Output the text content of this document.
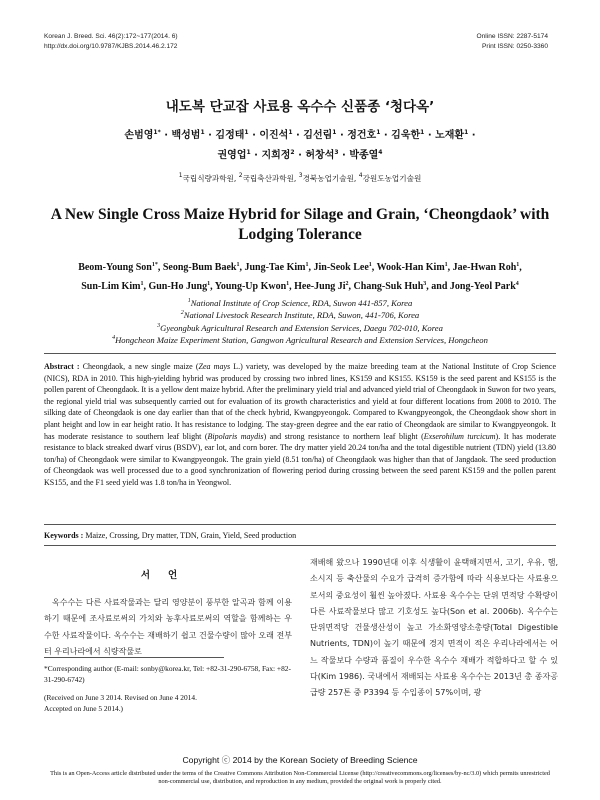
Korean J. Breed. Sci. 46(2):172~177(2014. 6)
http://dx.doi.org/10.9787/KJBS.2014.46.2.172
Online ISSN: 2287-5174
Print ISSN: 0250-3360
내도복 단교잡 사료용 옥수수 신품종 ‘청다옥’
손범영$^{1*}$ · 백성범$^1$ · 김정태$^1$ · 이진석$^1$ · 김선림$^1$ · 정건호$^1$ · 김욱한$^1$ · 노재환$^1$ ·
권영업$^1$ · 지희정$^2$ · 허창석$^3$ · 박종열$^4$
$^1$국립식량과학원, $^2$국립축산과학원, $^3$경북농업기술원, $^4$강원도농업기술원
A New Single Cross Maize Hybrid for Silage and Grain, ‘Cheongdaok’ with
Lodging Tolerance
Beom-Young Son$^{1*}$, Seong-Bum Baek$^1$, Jung-Tae Kim$^1$, Jin-Seok Lee$^1$, Wook-Han Kim$^1$, Jae-Hwan Roh$^1$,
Sun-Lim Kim$^1$, Gun-Ho Jung$^1$, Young-Up Kwon$^1$, Hee-Jung Ji$^2$, Chang-Suk Huh$^3$, and Jong-Yeol Park$^4$
$^1$National Institute of Crop Science, RDA, Suwon 441-857, Korea
$^2$National Livestock Research Institute, RDA, Suwon, 441-706, Korea
$^3$Gyeongbuk Agricultural Research and Extension Services, Daegu 702-010, Korea
$^4$Hongcheon Maize Experiment Station, Gangwon Agricultural Research and Extension Services, Hongcheon
Abstract : Cheongdaok, a new single maize (Zea mays L.) variety, was developed by the maize breeding team at the National Institute of Crop Science (NICS), RDA in 2010. This high-yielding hybrid was produced by crossing two inbred lines, KS159 and KS155. KS159 is the seed parent and KS155 is the pollen parent of Cheongdaok. It is a yellow dent maize hybrid. After the preliminary yield trial and advanced yield trial of Cheongdaok in Suwon for two years, the regional yield trial was subsequently carried out for evaluation of its growth characteristics and yield at four different locations from 2008 to 2010. The silking date of Cheongdaok is one day earlier than that of the check hybrid, Kwangpyeongok. Compared to Kwangpyeongok, the Cheongdaok show short in plant height and low in ear height ratio. It has resistance to lodging. The stay-green degree and the ear ratio of Cheongdaok are similar to Kwangpyeongok. It has moderate resistance to southern leaf blight (Bipolaris maydis) and strong resistance to northern leaf blight (Exserohilum turcicum). It has moderate resistance to black streaked dwarf virus (BSDV), ear lot, and corn borer. The dry matter yield 20.24 ton/ha and the total digestible nutrient (TDN) yield (13.80 ton/ha) of Cheongdaok were similar to Kwangpyeongok. The grain yield (8.51 ton/ha) of Cheongdaok was higher than that of Jangdaok. The seed production of Cheongdaok was well processed due to a good synchronization of flowering period during crossing between the seed parent KS159 and the pollen parent KS155, and the F1 seed yield was 1.8 ton/ha in Yeongwol.
Keywords : Maize, Crossing, Dry matter, TDN, Grain, Yield, Seed production
서언
옥수수는 다른 사료작물과는 달리 영양분이 풍부한 알곡과 함께 이용하기 때문에 조사료로써의 가치와 농후사료로써의 역할을 함께하는 우수한 사료작물이다. 옥수수는 재배하기 쉽고 건물수량이 많아 오래 전부터 우리나라에서 식량작물로
재배해 왔으나 1990년대 이후 식생활이 윤택해지면서, 고기, 우유, 햄, 소시지 등 축산물의 수요가 급격히 증가함에 따라 식용보다는 사료용으로서의 중요성이 훨씬 높아졌다. 사료용 옥수수는 단위 면적당 수확량이 다른 사료작물보다 많고 기호성도 높다(Son et al. 2006b). 옥수수는 단위면적당 건물생산성이 높고 가소화영양소총량(Total Digestible Nutrients, TDN)이 높기 때문에 경지 면적이 적은 우리나라에서는 어느 작물보다 수량과 품질이 우수한 옥수수 재배가 적합하다고 할 수 있다(Kim 1986). 국내에서 재배되는 사료용 옥수수는 2013년 총 종자공급량 257톤 중 P3394 등 수입종이 57%이며, 광
*Corresponding author (E-mail: sonby@korea.kr, Tel: +82-31-290-6758, Fax: +82-31-290-6742)
(Received on June 3 2014. Revised on June 4 2014.
Accepted on June 5 2014.)
Copyright ⓒ 2014 by the Korean Society of Breeding Science
This is an Open-Access article distributed under the terms of the Creative Commons Attribution Non-Commercial License (http://creativecommons.org/licenses/by-nc/3.0) which permits unrestricted non-commercial use, distribution, and reproduction in any medium, provided the original work is properly cited.
